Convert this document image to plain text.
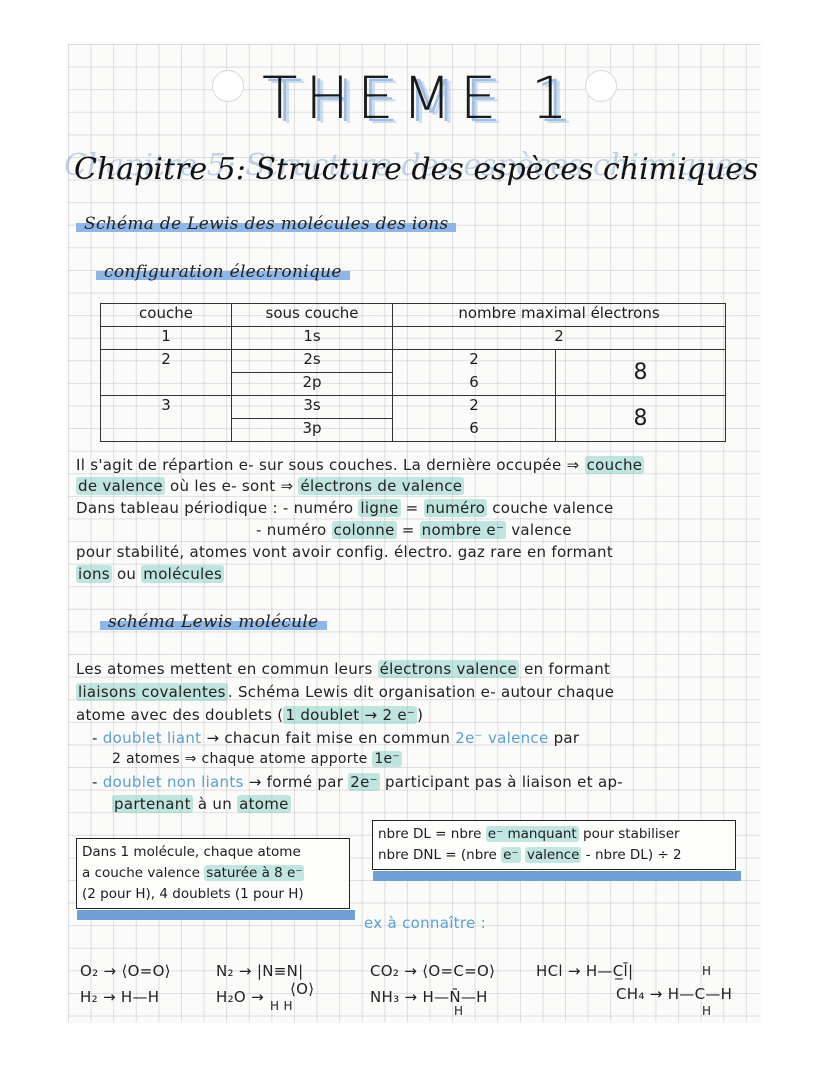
THEME 1
Chapitre 5: Structure des espèces chimiques
Schéma de Lewis des molécules des ions
configuration électronique
couche	sous couche	nombre maximal électrons	
1	1s	2	
2	2s	2	8
	2p	6	
3	3s	2	8
	3p	6	
Il s'agit de répartion e- sur sous couches. La dernière occupée ⇒ couche
de valence où les e- sont ⇒ électrons de valence
Dans tableau périodique : - numéro ligne = numéro couche valence
- numéro colonne = nombre e⁻ valence
pour stabilité, atomes vont avoir config. électro. gaz rare en formant
ions ou molécules
schéma Lewis molécule
Les atomes mettent en commun leurs électrons valence en formant
liaisons covalentes . Schéma Lewis dit organisation e- autour chaque
atome avec des doublets ( 1 doublet → 2 e⁻ )
- doublet liant → chacun fait mise en commun 2e⁻ valence par
2 atomes ⇒ chaque atome apporte 1e⁻
- doublet non liants → formé par 2e⁻ participant pas à liaison et ap-
partenant à un atome
Dans 1 molécule, chaque atome
a couche valence saturée à 8 e⁻
(2 pour H), 4 doublets (1 pour H)
nbre DL = nbre e⁻ manquant pour stabiliser
nbre DNL = (nbre e⁻ valence - nbre DL) ÷ 2
ex à connaître :
O₂ → ⟨O=O⟩
H₂ → H—H
N₂ → |N≡N|
H₂O → ⟨O⟩
H H
CO₂ → ⟨O=C=O⟩
NH₃ → H—N̄—H
H
HCl → H—C̲l̄|	H
CH₄ → H—C—H
H
